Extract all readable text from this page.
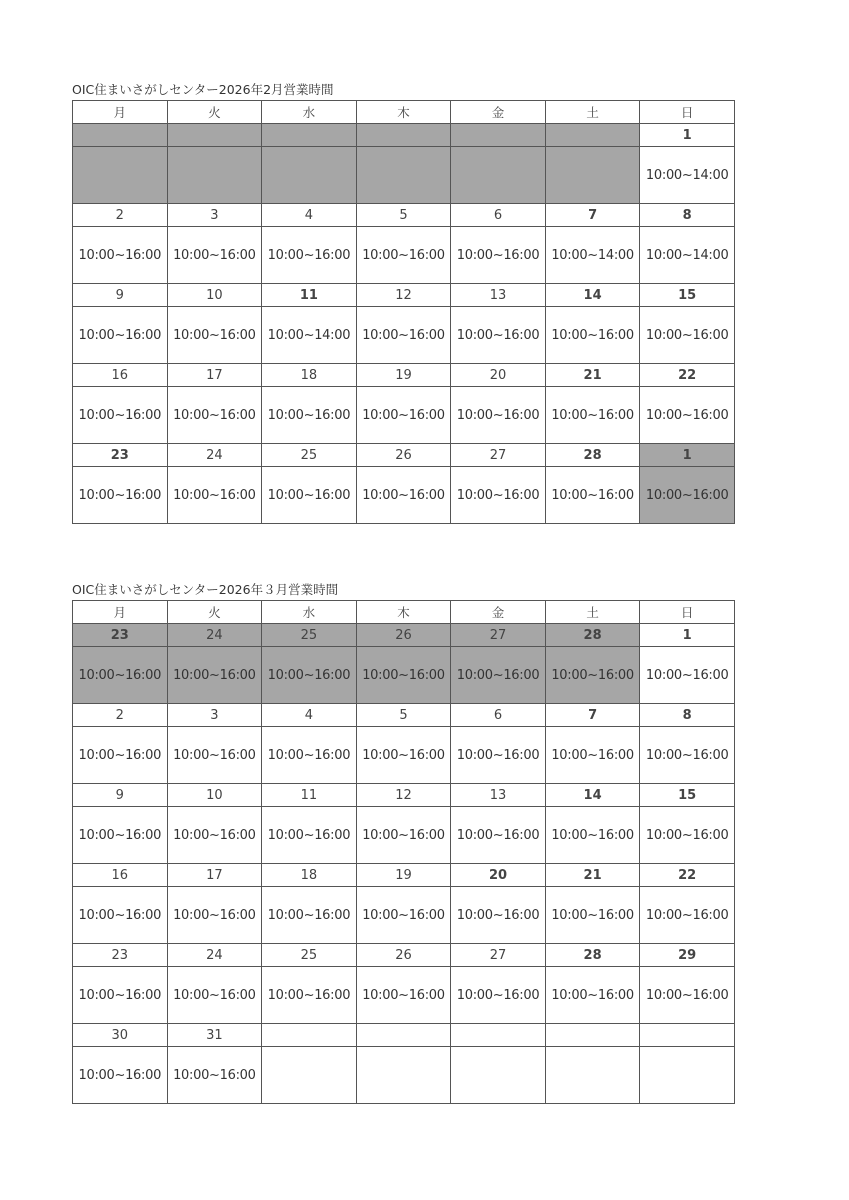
OIC住まいさがしセンター2026年2月営業時間
月	火	水	木	金	土	日
						1
						10:00~14:00
2	3	4	5	6	7	8
10:00~16:00	10:00~16:00	10:00~16:00	10:00~16:00	10:00~16:00	10:00~14:00	10:00~14:00
9	10	11	12	13	14	15
10:00~16:00	10:00~16:00	10:00~14:00	10:00~16:00	10:00~16:00	10:00~16:00	10:00~16:00
16	17	18	19	20	21	22
10:00~16:00	10:00~16:00	10:00~16:00	10:00~16:00	10:00~16:00	10:00~16:00	10:00~16:00
23	24	25	26	27	28	1
10:00~16:00	10:00~16:00	10:00~16:00	10:00~16:00	10:00~16:00	10:00~16:00	10:00~16:00
OIC住まいさがしセンター2026年３月営業時間
月	火	水	木	金	土	日
23	24	25	26	27	28	1
10:00~16:00	10:00~16:00	10:00~16:00	10:00~16:00	10:00~16:00	10:00~16:00	10:00~16:00
2	3	4	5	6	7	8
10:00~16:00	10:00~16:00	10:00~16:00	10:00~16:00	10:00~16:00	10:00~16:00	10:00~16:00
9	10	11	12	13	14	15
10:00~16:00	10:00~16:00	10:00~16:00	10:00~16:00	10:00~16:00	10:00~16:00	10:00~16:00
16	17	18	19	20	21	22
10:00~16:00	10:00~16:00	10:00~16:00	10:00~16:00	10:00~16:00	10:00~16:00	10:00~16:00
23	24	25	26	27	28	29
10:00~16:00	10:00~16:00	10:00~16:00	10:00~16:00	10:00~16:00	10:00~16:00	10:00~16:00
30	31					
10:00~16:00	10:00~16:00					
